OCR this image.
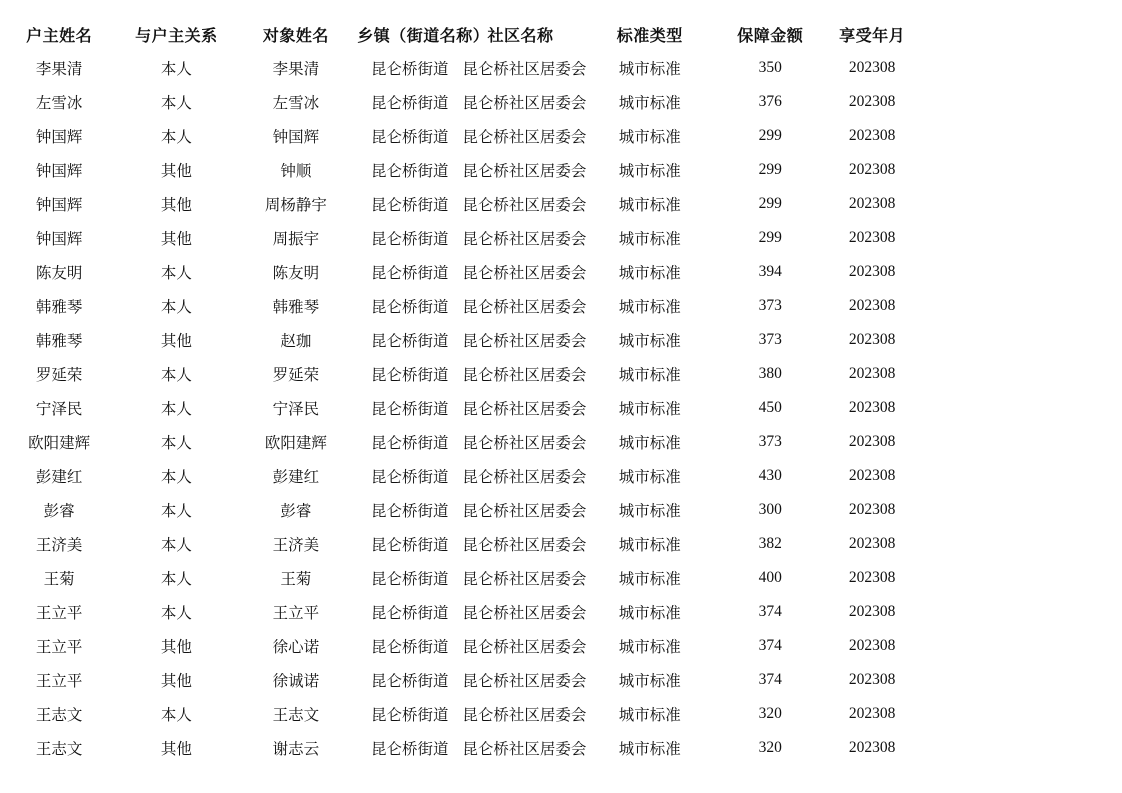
	户主姓名	与户主关系	对象姓名	乡镇（街道名称）	社区名称	标准类型	保障金额	享受年月
	李果清	本人	李果清	昆仑桥街道	昆仑桥社区居委会	城市标准	350	202308
	左雪冰	本人	左雪冰	昆仑桥街道	昆仑桥社区居委会	城市标准	376	202308
	钟国辉	本人	钟国辉	昆仑桥街道	昆仑桥社区居委会	城市标准	299	202308
	钟国辉	其他	钟顺	昆仑桥街道	昆仑桥社区居委会	城市标准	299	202308
	钟国辉	其他	周杨静宇	昆仑桥街道	昆仑桥社区居委会	城市标准	299	202308
	钟国辉	其他	周振宇	昆仑桥街道	昆仑桥社区居委会	城市标准	299	202308
	陈友明	本人	陈友明	昆仑桥街道	昆仑桥社区居委会	城市标准	394	202308
	韩雅琴	本人	韩雅琴	昆仑桥街道	昆仑桥社区居委会	城市标准	373	202308
	韩雅琴	其他	赵珈	昆仑桥街道	昆仑桥社区居委会	城市标准	373	202308
	罗延荣	本人	罗延荣	昆仑桥街道	昆仑桥社区居委会	城市标准	380	202308
	宁泽民	本人	宁泽民	昆仑桥街道	昆仑桥社区居委会	城市标准	450	202308
	欧阳建辉	本人	欧阳建辉	昆仑桥街道	昆仑桥社区居委会	城市标准	373	202308
	彭建红	本人	彭建红	昆仑桥街道	昆仑桥社区居委会	城市标准	430	202308
	彭睿	本人	彭睿	昆仑桥街道	昆仑桥社区居委会	城市标准	300	202308
	王济美	本人	王济美	昆仑桥街道	昆仑桥社区居委会	城市标准	382	202308
	王菊	本人	王菊	昆仑桥街道	昆仑桥社区居委会	城市标准	400	202308
	王立平	本人	王立平	昆仑桥街道	昆仑桥社区居委会	城市标准	374	202308
	王立平	其他	徐心诺	昆仑桥街道	昆仑桥社区居委会	城市标准	374	202308
	王立平	其他	徐诚诺	昆仑桥街道	昆仑桥社区居委会	城市标准	374	202308
	王志文	本人	王志文	昆仑桥街道	昆仑桥社区居委会	城市标准	320	202308
	王志文	其他	谢志云	昆仑桥街道	昆仑桥社区居委会	城市标准	320	202308
